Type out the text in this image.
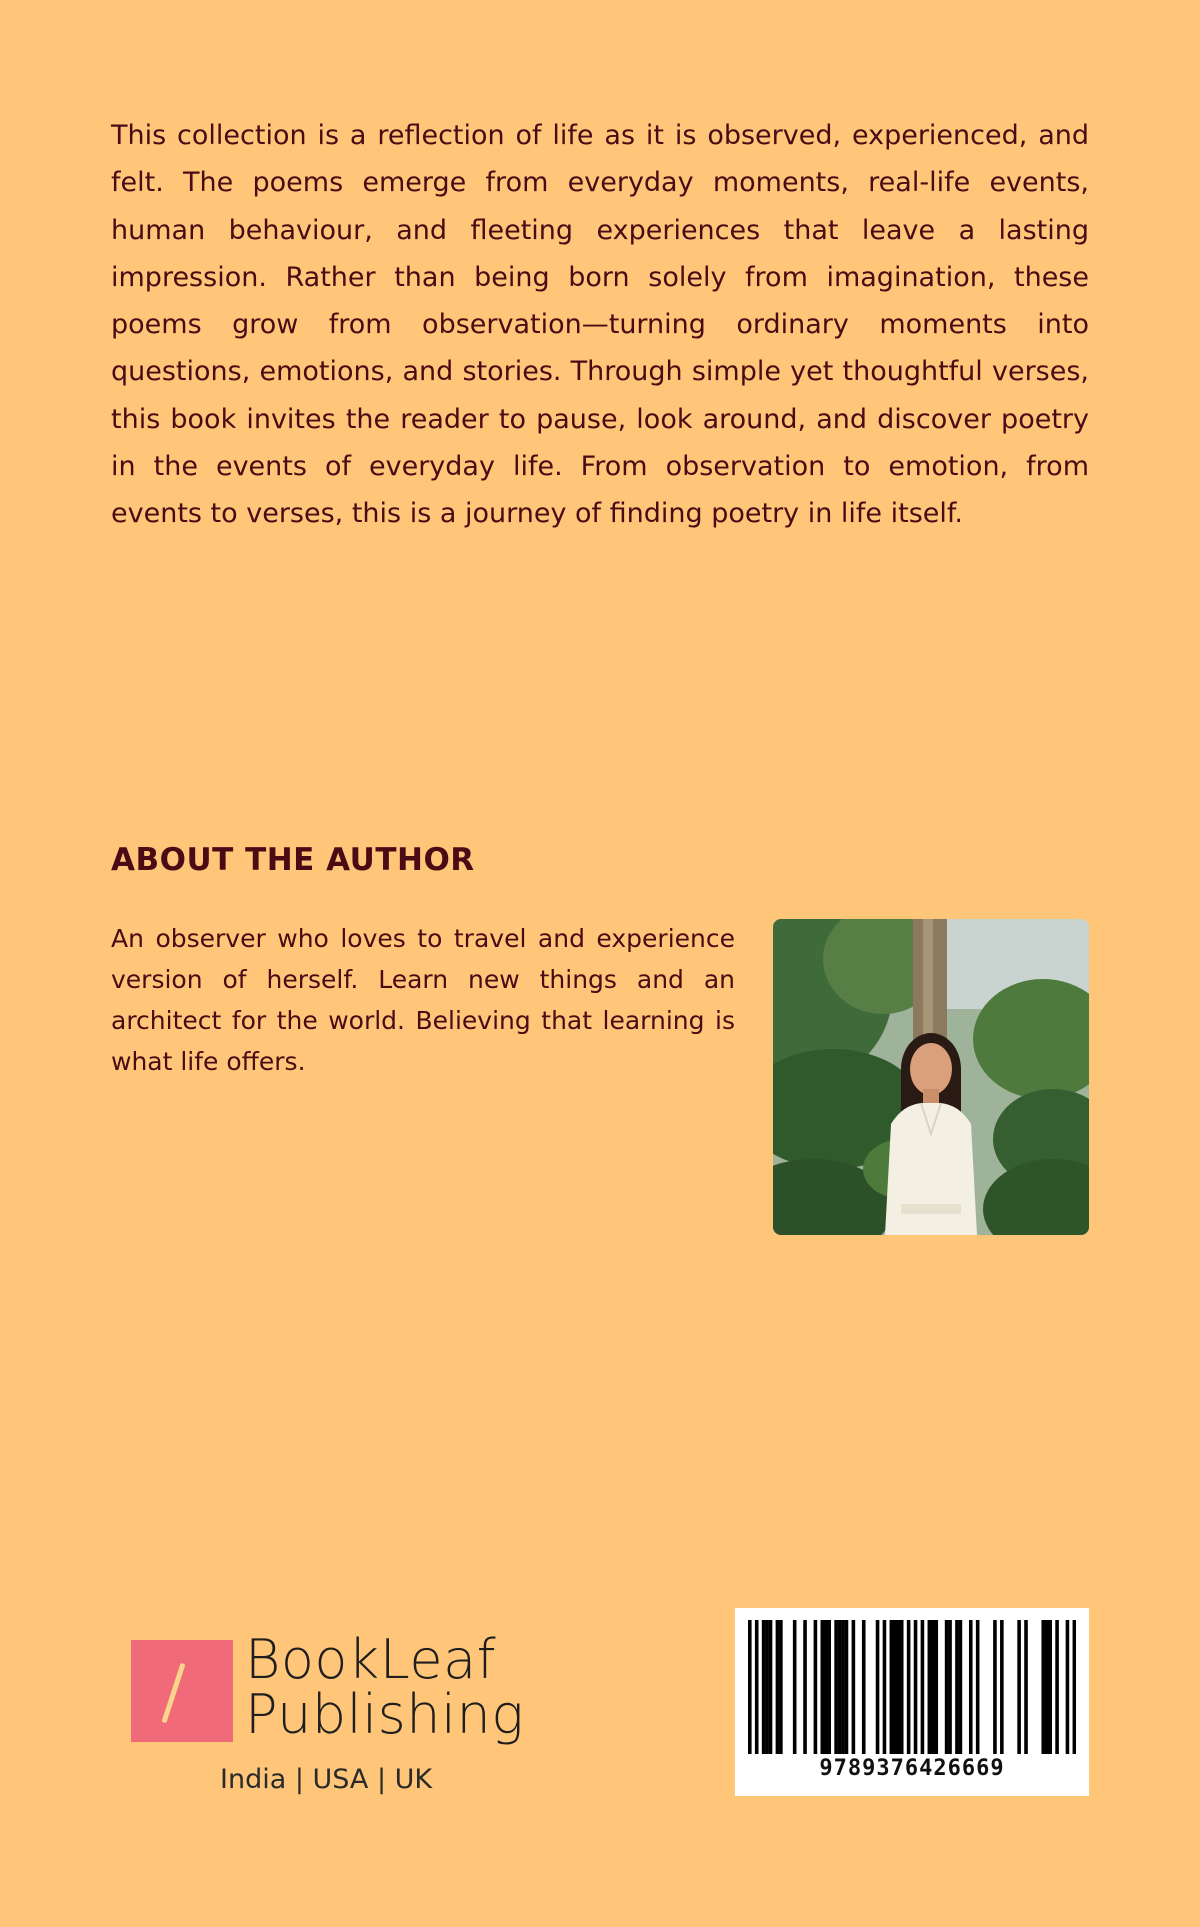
This collection is a reflection of life as it is observed, experienced, and felt. The poems emerge from everyday moments, real-life events, human behaviour, and fleeting experiences that leave a lasting impression. Rather than being born solely from imagination, these poems grow from observation—turning ordinary moments into questions, emotions, and stories. Through simple yet thoughtful verses, this book invites the reader to pause, look around, and discover poetry in the events of everyday life. From observation to emotion, from events to verses, this is a journey of finding poetry in life itself.

ABOUT THE AUTHOR

An observer who loves to travel and experience version of herself. Learn new things and an architect for the world. Believing that learning is what life offers.

BookLeaf
Publishing
India | USA | UK	9789376426669
